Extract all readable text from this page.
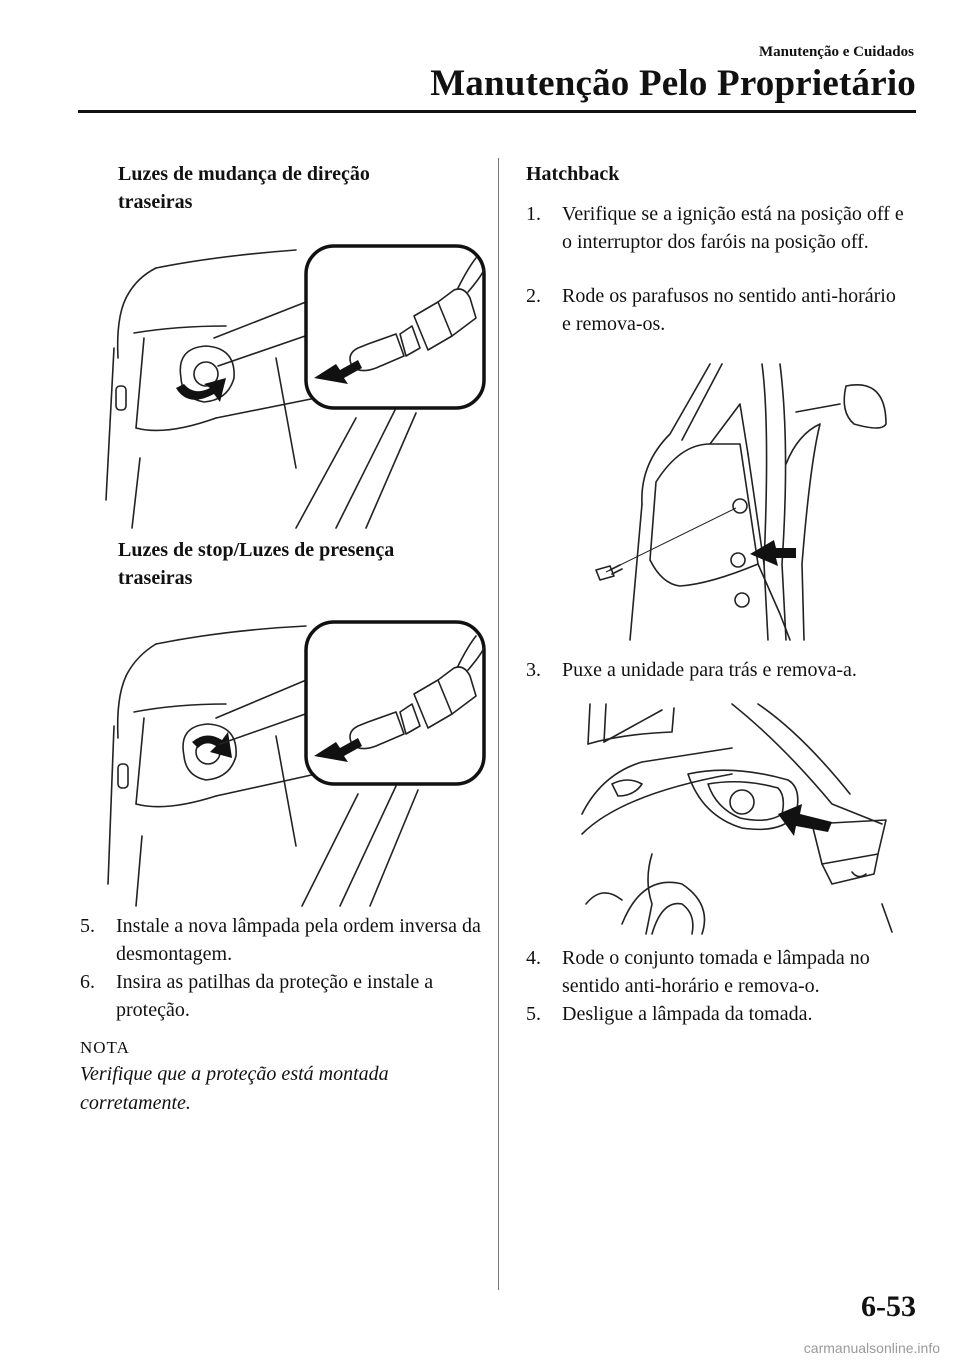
Manutenção e Cuidados
Manutenção Pelo Proprietário
Luzes de mudança de direção
traseiras
Luzes de stop/Luzes de presença
traseiras
5.	Instale a nova lâmpada pela ordem inversa da desmontagem.
6.	Insira as patilhas da proteção e instale a proteção.
NOTA
Verifique que a proteção está montada
corretamente.
Hatchback
1.	Verifique se a ignição está na posição off e o interruptor dos faróis na posição off.
2.	Rode os parafusos no sentido anti-horário e remova-os.
3.	Puxe a unidade para trás e remova-a.
4.	Rode o conjunto tomada e lâmpada no sentido anti-horário e remova-o.
5.	Desligue a lâmpada da tomada.
6-53
carmanualsonline.info
